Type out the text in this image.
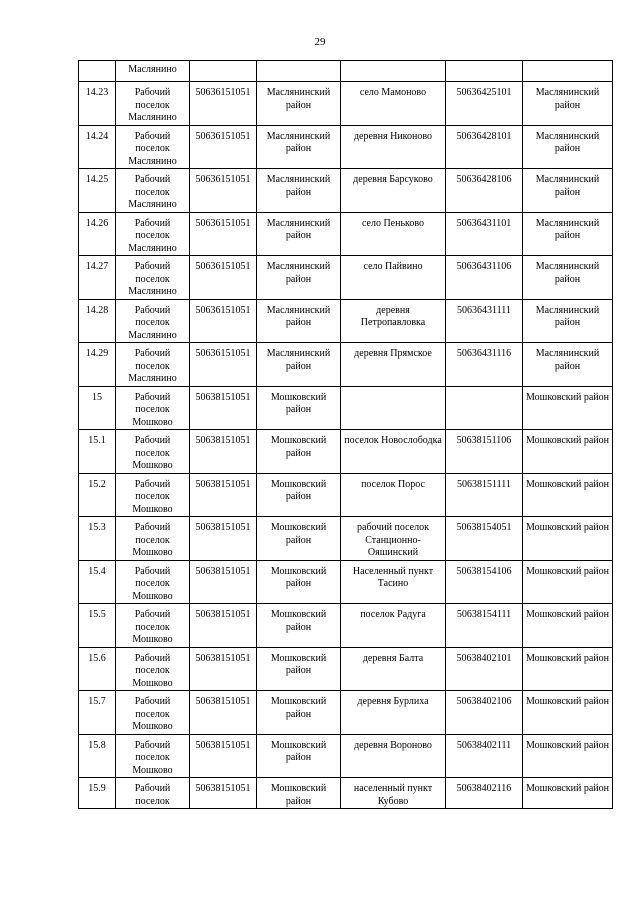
29
	Маслянино					
14.23	Рабочий поселок Маслянино	50636151051	Маслянинский район	село Мамоново	50636425101	Маслянинский район
14.24	Рабочий поселок Маслянино	50636151051	Маслянинский район	деревня Никоново	50636428101	Маслянинский район
14.25	Рабочий поселок Маслянино	50636151051	Маслянинский район	деревня Барсуково	50636428106	Маслянинский район
14.26	Рабочий поселок Маслянино	50636151051	Маслянинский район	село Пеньково	50636431101	Маслянинский район
14.27	Рабочий поселок Маслянино	50636151051	Маслянинский район	село Пайвино	50636431106	Маслянинский район
14.28	Рабочий поселок Маслянино	50636151051	Маслянинский район	деревня Петропавловка	50636431111	Маслянинский район
14.29	Рабочий поселок Маслянино	50636151051	Маслянинский район	деревня Прямское	50636431116	Маслянинский район
15	Рабочий поселок Мошково	50638151051	Мошковский район			Мошковский район
15.1	Рабочий поселок Мошково	50638151051	Мошковский район	поселок Новослободка	50638151106	Мошковский район
15.2	Рабочий поселок Мошково	50638151051	Мошковский район	поселок Порос	50638151111	Мошковский район
15.3	Рабочий поселок Мошково	50638151051	Мошковский район	рабочий поселок Станционно-Ояшинский	50638154051	Мошковский район
15.4	Рабочий поселок Мошково	50638151051	Мошковский район	Населенный пункт Тасино	50638154106	Мошковский район
15.5	Рабочий поселок Мошково	50638151051	Мошковский район	поселок Радуга	50638154111	Мошковский район
15.6	Рабочий поселок Мошково	50638151051	Мошковский район	деревня Балта	50638402101	Мошковский район
15.7	Рабочий поселок Мошково	50638151051	Мошковский район	деревня Бурлиха	50638402106	Мошковский район
15.8	Рабочий поселок Мошково	50638151051	Мошковский район	деревня Вороново	50638402111	Мошковский район
15.9	Рабочий поселок	50638151051	Мошковский район	населенный пункт Кубово	50638402116	Мошковский район
